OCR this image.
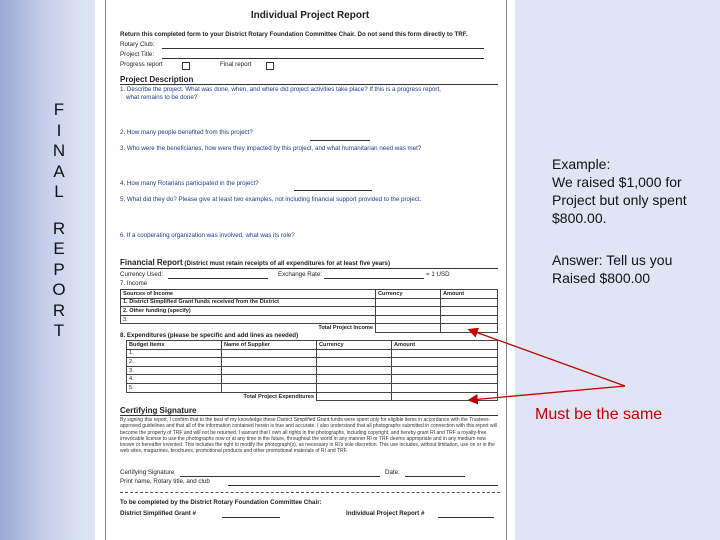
F
I
N
A
L
R
E
P
O
R
T
Individual Project Report
Return this completed form to your District Rotary Foundation Committee Chair. Do not send this form directly to TRF.
Rotary Club:
Project Title:
Progress report	Final report
Project Description
1. Describe the project. What was done, when, and where did project activities take place? If this is a progress report,
what remains to be done?
2. How many people benefited from this project?
3. Who were the beneficiaries, how were they impacted by this project, and what humanitarian need was met?
4. How many Rotarians participated in the project?
5. What did they do? Please give at least two examples, not including financial support provided to the project.
6. If a cooperating organization was involved, what was its role?
Financial Report (District must retain receipts of all expenditures for at least five years)
Currency Used:	Exchange Rate:	= 1 USD
7. Income
Sources of Income	Currency	Amount
1. District Simplified Grant funds received from the District		
2. Other funding (specify)		
3.		
Total Project Income		
8. Expenditures (please be specific and add lines as needed)
Budget Items	Name of Supplier	Currency	Amount
1.			
2.			
3.			
4.			
5.			
Total Project Expenditures			
Certifying Signature
By signing this report, I confirm that to the best of my knowledge these District Simplified Grant funds were spent only for eligible items in accordance with the Trustees-approved guidelines and that all of the information contained herein is true and accurate. I also understand that all photographs submitted in connection with this report will become the property of TRF and will not be returned. I warrant that I own all rights in the photographs, including copyright, and hereby grant RI and TRF a royalty-free irrevocable license to use the photographs now or at any time in the future, throughout the world in any manner RI or TRF deems appropriate and in any medium now known or hereafter invented. This includes the right to modify the photograph(s), as necessary in RI's sole discretion. This use includes, without limitation, use on or in the web sites, magazines, brochures, promotional products and other promotional materials of RI and TRF.
Certifying Signature	Date:
Print name, Rotary title, and club
To be completed by the District Rotary Foundation Committee Chair:
District Simplified Grant #	Individual Project Report #
Example:
We raised $1,000 for
Project but only spent
$800.00.
Answer: Tell us you
Raised $800.00
Must be the same
